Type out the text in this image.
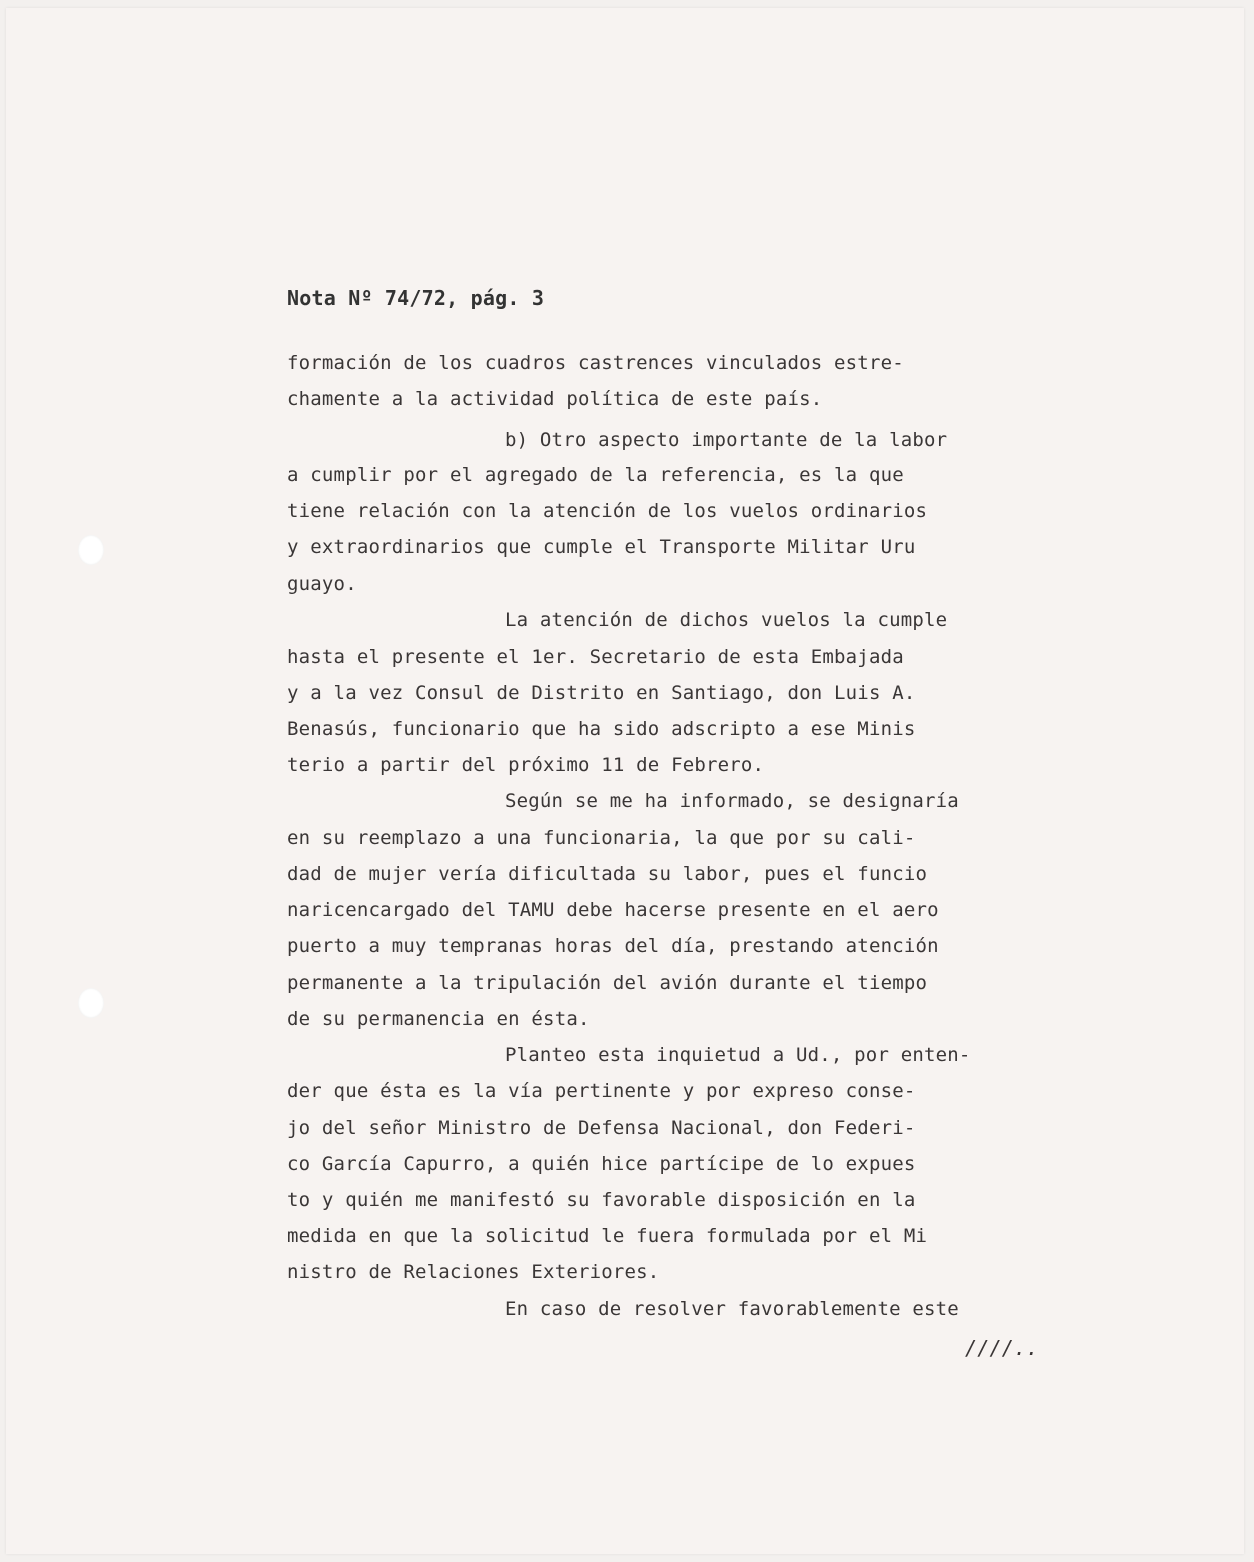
Nota Nº 74/72, pág. 3
formación de los cuadros castrences vinculados estre-
chamente a la actividad política de este país.
b) Otro aspecto importante de la labor
a cumplir por el agregado de la referencia, es la que
tiene relación con la atención de los vuelos ordinarios
y extraordinarios que cumple el Transporte Militar Uru
guayo.
La atención de dichos vuelos la cumple
hasta el presente el 1er. Secretario de esta Embajada
y a la vez Consul de Distrito en Santiago, don Luis A.
Benasús, funcionario que ha sido adscripto a ese Minis
terio a partir del próximo 11 de Febrero.
Según se me ha informado, se designaría
en su reemplazo a una funcionaria, la que por su cali-
dad de mujer vería dificultada su labor, pues el funcio
naricencargado del TAMU debe hacerse presente en el aero
puerto a muy tempranas horas del día, prestando atención
permanente a la tripulación del avión durante el tiempo
de su permanencia en ésta.
Planteo esta inquietud a Ud., por enten-
der que ésta es la vía pertinente y por expreso conse-
jo del señor Ministro de Defensa Nacional, don Federi-
co García Capurro, a quién hice partícipe de lo expues
to y quién me manifestó su favorable disposición en la
medida en que la solicitud le fuera formulada por el Mi
nistro de Relaciones Exteriores.
En caso de resolver favorablemente este
////..
